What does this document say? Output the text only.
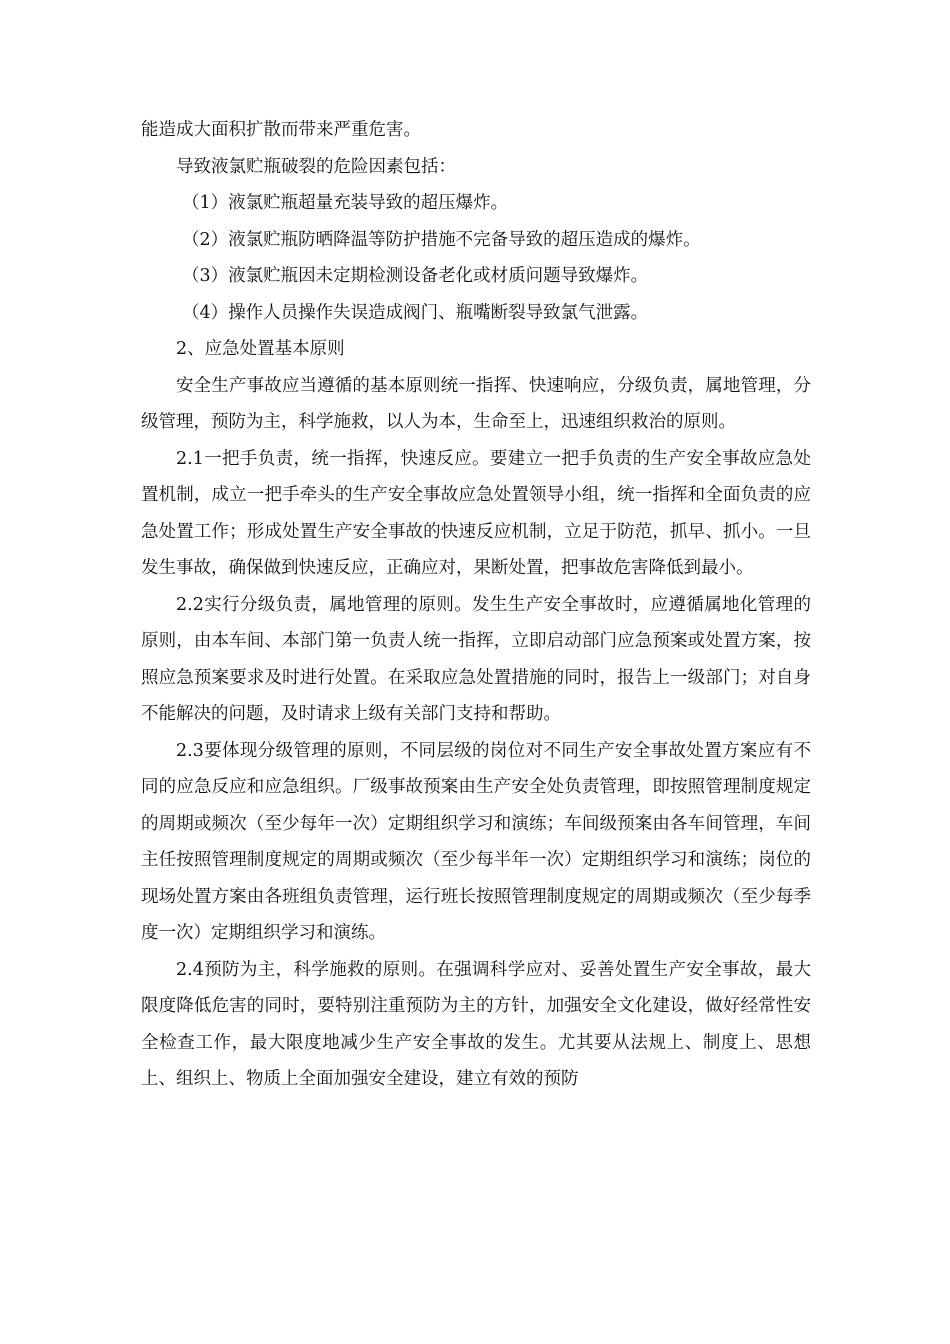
能造成大面积扩散而带来严重危害。

导致液氯贮瓶破裂的危险因素包括：

（1）液氯贮瓶超量充装导致的超压爆炸。

（2）液氯贮瓶防晒降温等防护措施不完备导致的超压造成的爆炸。

（3）液氯贮瓶因未定期检测设备老化或材质问题导致爆炸。

（4）操作人员操作失误造成阀门、瓶嘴断裂导致氯气泄露。

2、应急处置基本原则

安全生产事故应当遵循的基本原则统一指挥、快速响应，分级负责，属地管理，分级管理，预防为主，科学施救，以人为本，生命至上，迅速组织救治的原则。

2.1一把手负责，统一指挥，快速反应。要建立一把手负责的生产安全事故应急处置机制，成立一把手牵头的生产安全事故应急处置领导小组，统一指挥和全面负责的应急处置工作；形成处置生产安全事故的快速反应机制，立足于防范，抓早、抓小。一旦发生事故，确保做到快速反应，正确应对，果断处置，把事故危害降低到最小。

2.2实行分级负责，属地管理的原则。发生生产安全事故时，应遵循属地化管理的原则，由本车间、本部门第一负责人统一指挥，立即启动部门应急预案或处置方案，按照应急预案要求及时进行处置。在采取应急处置措施的同时，报告上一级部门；对自身不能解决的问题，及时请求上级有关部门支持和帮助。

2.3要体现分级管理的原则，不同层级的岗位对不同生产安全事故处置方案应有不同的应急反应和应急组织。厂级事故预案由生产安全处负责管理，即按照管理制度规定的周期或频次（至少每年一次）定期组织学习和演练；车间级预案由各车间管理，车间主任按照管理制度规定的周期或频次（至少每半年一次）定期组织学习和演练；岗位的现场处置方案由各班组负责管理，运行班长按照管理制度规定的周期或频次（至少每季度一次）定期组织学习和演练。

2.4预防为主，科学施救的原则。在强调科学应对、妥善处置生产安全事故，最大限度降低危害的同时，要特别注重预防为主的方针，加强安全文化建设，做好经常性安全检查工作，最大限度地减少生产安全事故的发生。尤其要从法规上、制度上、思想上、组织上、物质上全面加强安全建设，建立有效的预防
